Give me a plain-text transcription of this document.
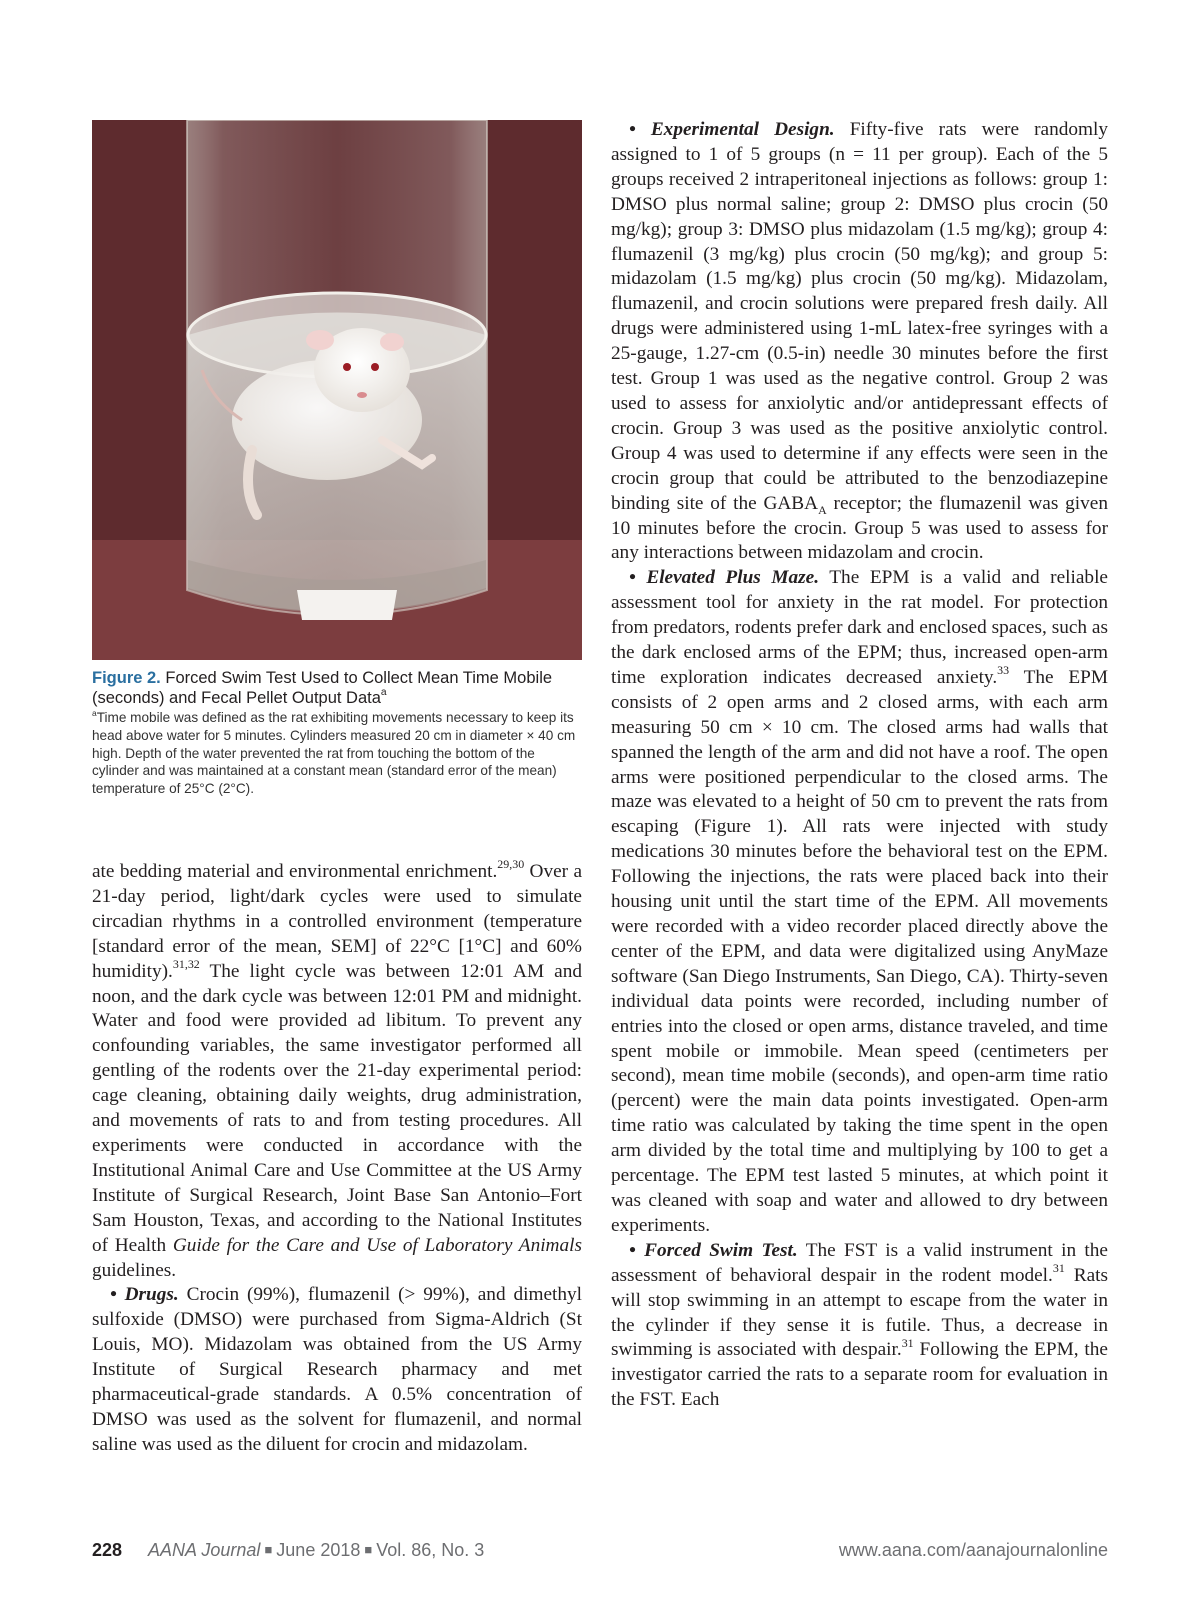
Figure 2. Forced Swim Test Used to Collect Mean Time Mobile (seconds) and Fecal Pellet Output Data$^a$
$^a$Time mobile was defined as the rat exhibiting movements necessary to keep its head above water for 5 minutes. Cylinders measured 20 cm in diameter × 40 cm high. Depth of the water prevented the rat from touching the bottom of the cylinder and was maintained at a constant mean (standard error of the mean) temperature of 25°C (2°C).

ate bedding material and environmental enrichment.$^{29,30}$ Over a 21-day period, light/dark cycles were used to simulate circadian rhythms in a controlled environment (temperature [standard error of the mean, SEM] of 22°C [1°C] and 60% humidity).$^{31,32}$ The light cycle was between 12:01 AM and noon, and the dark cycle was between 12:01 PM and midnight. Water and food were provided ad libitum. To prevent any confounding variables, the same investigator performed all gentling of the rodents over the 21-day experimental period: cage cleaning, obtaining daily weights, drug administration, and movements of rats to and from testing procedures. All experiments were conducted in accordance with the Institutional Animal Care and Use Committee at the US Army Institute of Surgical Research, Joint Base San Antonio–Fort Sam Houston, Texas, and according to the National Institutes of Health Guide for the Care and Use of Laboratory Animals guidelines.

• Drugs. Crocin (99%), flumazenil (> 99%), and dimethyl sulfoxide (DMSO) were purchased from Sigma-Aldrich (St Louis, MO). Midazolam was obtained from the US Army Institute of Surgical Research pharmacy and met pharmaceutical-grade standards. A 0.5% concentration of DMSO was used as the solvent for flumazenil, and normal saline was used as the diluent for crocin and midazolam.

• Experimental Design. Fifty-five rats were randomly assigned to 1 of 5 groups (n = 11 per group). Each of the 5 groups received 2 intraperitoneal injections as follows: group 1: DMSO plus normal saline; group 2: DMSO plus crocin (50 mg/kg); group 3: DMSO plus midazolam (1.5 mg/kg); group 4: flumazenil (3 mg/kg) plus crocin (50 mg/kg); and group 5: midazolam (1.5 mg/kg) plus crocin (50 mg/kg). Midazolam, flumazenil, and crocin solutions were prepared fresh daily. All drugs were administered using 1-mL latex-free syringes with a 25-gauge, 1.27-cm (0.5-in) needle 30 minutes before the first test. Group 1 was used as the negative control. Group 2 was used to assess for anxiolytic and/or antidepressant effects of crocin. Group 3 was used as the positive anxiolytic control. Group 4 was used to determine if any effects were seen in the crocin group that could be attributed to the benzodiazepine binding site of the $GABA_A$ receptor; the flumazenil was given 10 minutes before the crocin. Group 5 was used to assess for any interactions between midazolam and crocin.

• Elevated Plus Maze. The EPM is a valid and reliable assessment tool for anxiety in the rat model. For protection from predators, rodents prefer dark and enclosed spaces, such as the dark enclosed arms of the EPM; thus, increased open-arm time exploration indicates decreased anxiety.$^{33}$ The EPM consists of 2 open arms and 2 closed arms, with each arm measuring 50 cm × 10 cm. The closed arms had walls that spanned the length of the arm and did not have a roof. The open arms were positioned perpendicular to the closed arms. The maze was elevated to a height of 50 cm to prevent the rats from escaping (Figure 1). All rats were injected with study medications 30 minutes before the behavioral test on the EPM. Following the injections, the rats were placed back into their housing unit until the start time of the EPM. All movements were recorded with a video recorder placed directly above the center of the EPM, and data were digitalized using AnyMaze software (San Diego Instruments, San Diego, CA). Thirty-seven individual data points were recorded, including number of entries into the closed or open arms, distance traveled, and time spent mobile or immobile. Mean speed (centimeters per second), mean time mobile (seconds), and open-arm time ratio (percent) were the main data points investigated. Open-arm time ratio was calculated by taking the time spent in the open arm divided by the total time and multiplying by 100 to get a percentage. The EPM test lasted 5 minutes, at which point it was cleaned with soap and water and allowed to dry between experiments.

• Forced Swim Test. The FST is a valid instrument in the assessment of behavioral despair in the rodent model.$^{31}$ Rats will stop swimming in an attempt to escape from the water in the cylinder if they sense it is futile. Thus, a decrease in swimming is associated with despair.$^{31}$ Following the EPM, the investigator carried the rats to a separate room for evaluation in the FST. Each

228 AANA Journal ■ June 2018 ■ Vol. 86, No. 3	www.aana.com/aanajournalonline
